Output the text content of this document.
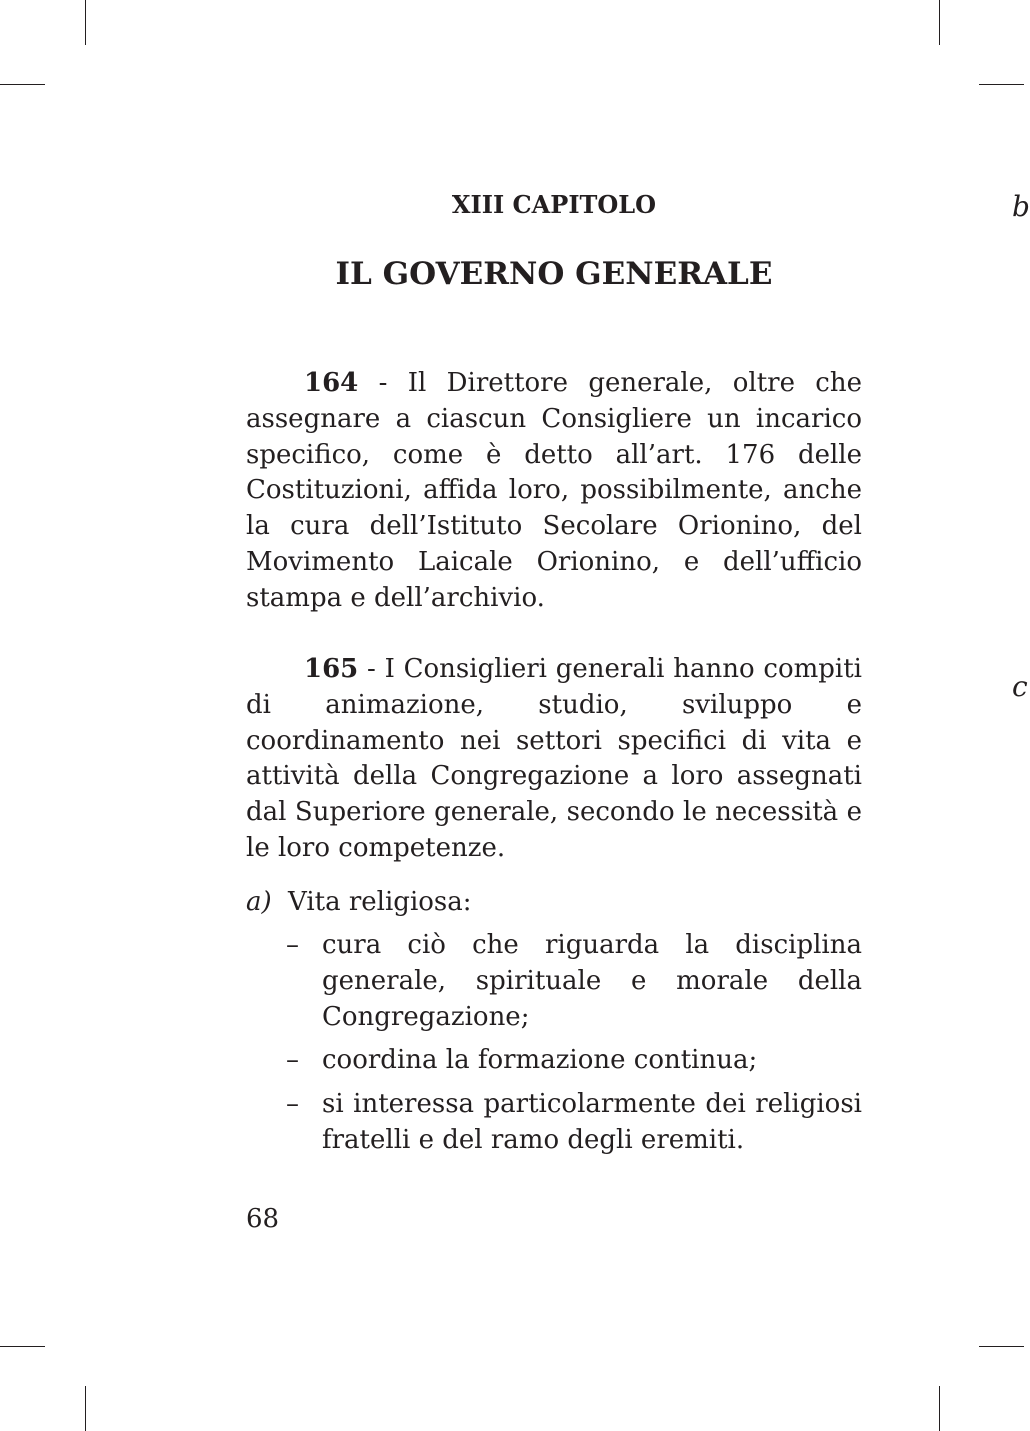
b
c
XIII CAPITOLO
IL GOVERNO GENERALE

164 - Il Direttore generale, oltre che assegnare a ciascun Consigliere un incarico specifico, come è detto all’art. 176 delle Costituzioni, affida loro, possibilmente, anche la cura dell’Istituto Secolare Orionino, del Movimento Laicale Orionino, e dell’ufficio stampa e dell’archivio.

165 - I Consiglieri generali hanno compiti di animazione, studio, sviluppo e coordinamento nei settori specifici di vita e attività della Congregazione a loro assegnati dal Superiore generale, secondo le necessità e le loro competenze.

a) Vita religiosa:

– cura ciò che riguarda la disciplina generale, spirituale e morale della Congregazione;
– coordina la formazione continua;
– si interessa particolarmente dei religiosi fratelli e del ramo degli eremiti.

68
